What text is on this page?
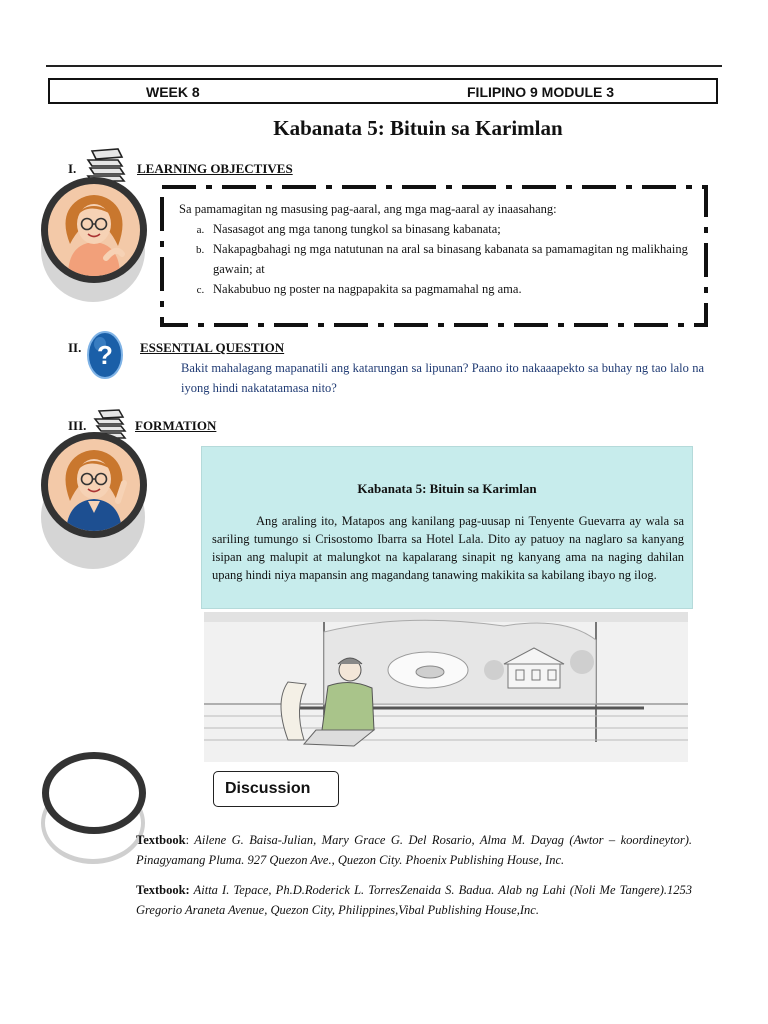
WEEK 8	FILIPINO 9 MODULE 3
Kabanata 5: Bituin sa Karimlan
I.	LEARNING OBJECTIVES
Sa pamamagitan ng masusing pag-aaral, ang mga mag-aaral ay inaasahang:
a. Nasasagot ang mga tanong tungkol sa binasang kabanata;
b. Nakapagbahagi ng mga natutunan na aral sa binasang kabanata sa pamamagitan ng malikhaing gawain; at
c. Nakabubuo ng poster na nagpapakita sa pagmamahal ng ama.
II. ? ESSENTIAL QUESTION
Bakit mahalagang mapanatili ang katarungan sa lipunan? Paano ito nakaaapekto sa buhay ng tao lalo na iyong hindi nakatatamasa nito?
III.	FORMATION
Kabanata 5: Bituin sa Karimlan
Ang araling ito, Matapos ang kanilang pag-uusap ni Tenyente Guevarra ay wala sa sariling tumungo si Crisostomo Ibarra sa Hotel Lala. Dito ay patuoy na naglaro sa kanyang isipan ang malupit at malungkot na kapalarang sinapit ng kanyang ama na naging dahilan upang hindi niya mapansin ang magandang tanawing makikita sa kabilang ibayo ng ilog.
Discussion
Textbook: Ailene G. Baisa-Julian, Mary Grace G. Del Rosario, Alma M. Dayag (Awtor – koordineytor). Pinagyamang Pluma. 927 Quezon Ave., Quezon City. Phoenix Publishing House, Inc.
Textbook: Aitta I. Tepace, Ph.D.Roderick L. TorresZenaida S. Badua. Alab ng Lahi (Noli Me Tangere).1253 Gregorio Araneta Avenue, Quezon City, Philippines,Vibal Publishing House,Inc.
